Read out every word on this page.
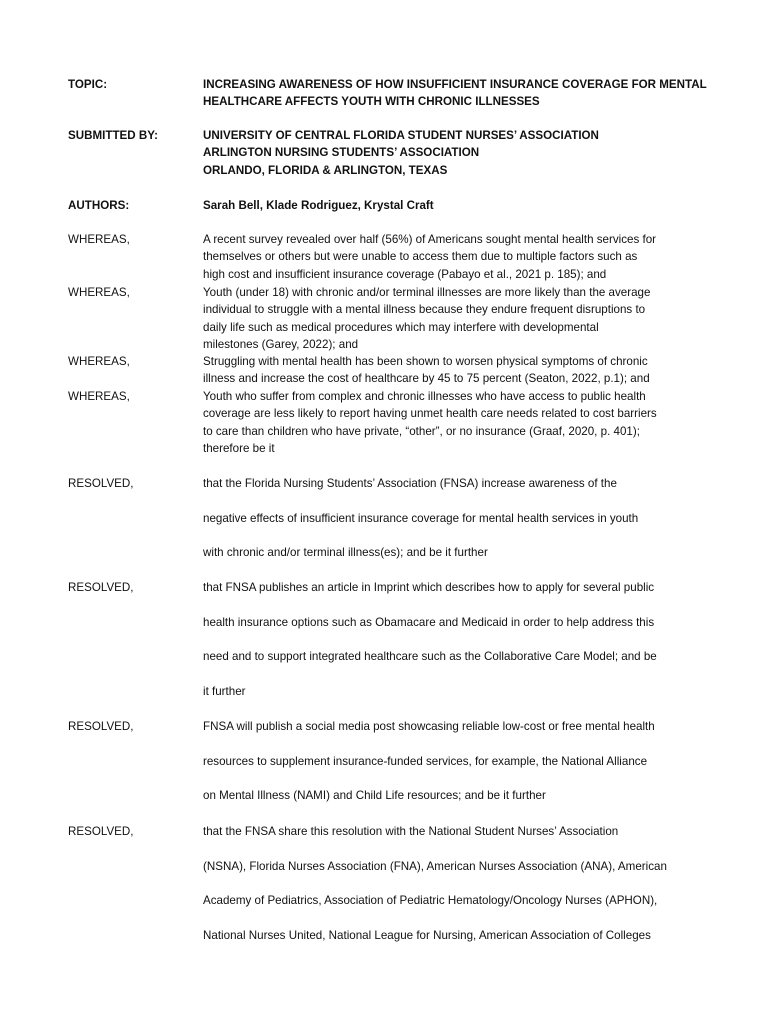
TOPIC:	INCREASING AWARENESS OF HOW INSUFFICIENT INSURANCE COVERAGE FOR MENTAL
HEALTHCARE AFFECTS YOUTH WITH CHRONIC ILLNESSES
SUBMITTED BY:	UNIVERSITY OF CENTRAL FLORIDA STUDENT NURSES’ ASSOCIATION
ARLINGTON NURSING STUDENTS’ ASSOCIATION
ORLANDO, FLORIDA & ARLINGTON, TEXAS
AUTHORS:	Sarah Bell, Klade Rodriguez, Krystal Craft
WHEREAS,	A recent survey revealed over half (56%) of Americans sought mental health services for
themselves or others but were unable to access them due to multiple factors such as
high cost and insufficient insurance coverage (Pabayo et al., 2021 p. 185); and
WHEREAS,	Youth (under 18) with chronic and/or terminal illnesses are more likely than the average
individual to struggle with a mental illness because they endure frequent disruptions to
daily life such as medical procedures which may interfere with developmental
milestones (Garey, 2022); and
WHEREAS,	Struggling with mental health has been shown to worsen physical symptoms of chronic
illness and increase the cost of healthcare by 45 to 75 percent (Seaton, 2022, p.1); and
WHEREAS,	Youth who suffer from complex and chronic illnesses who have access to public health
coverage are less likely to report having unmet health care needs related to cost barriers
to care than children who have private, “other”, or no insurance (Graaf, 2020, p. 401);
therefore be it
RESOLVED,	that the Florida Nursing Students’ Association (FNSA) increase awareness of the
negative effects of insufficient insurance coverage for mental health services in youth
with chronic and/or terminal illness(es); and be it further
RESOLVED,	that FNSA publishes an article in Imprint which describes how to apply for several public
health insurance options such as Obamacare and Medicaid in order to help address this
need and to support integrated healthcare such as the Collaborative Care Model; and be
it further
RESOLVED,	FNSA will publish a social media post showcasing reliable low-cost or free mental health
resources to supplement insurance-funded services, for example, the National Alliance
on Mental Illness (NAMI) and Child Life resources; and be it further
RESOLVED,	that the FNSA share this resolution with the National Student Nurses’ Association
(NSNA), Florida Nurses Association (FNA), American Nurses Association (ANA), American
Academy of Pediatrics, Association of Pediatric Hematology/Oncology Nurses (APHON),
National Nurses United, National League for Nursing, American Association of Colleges
